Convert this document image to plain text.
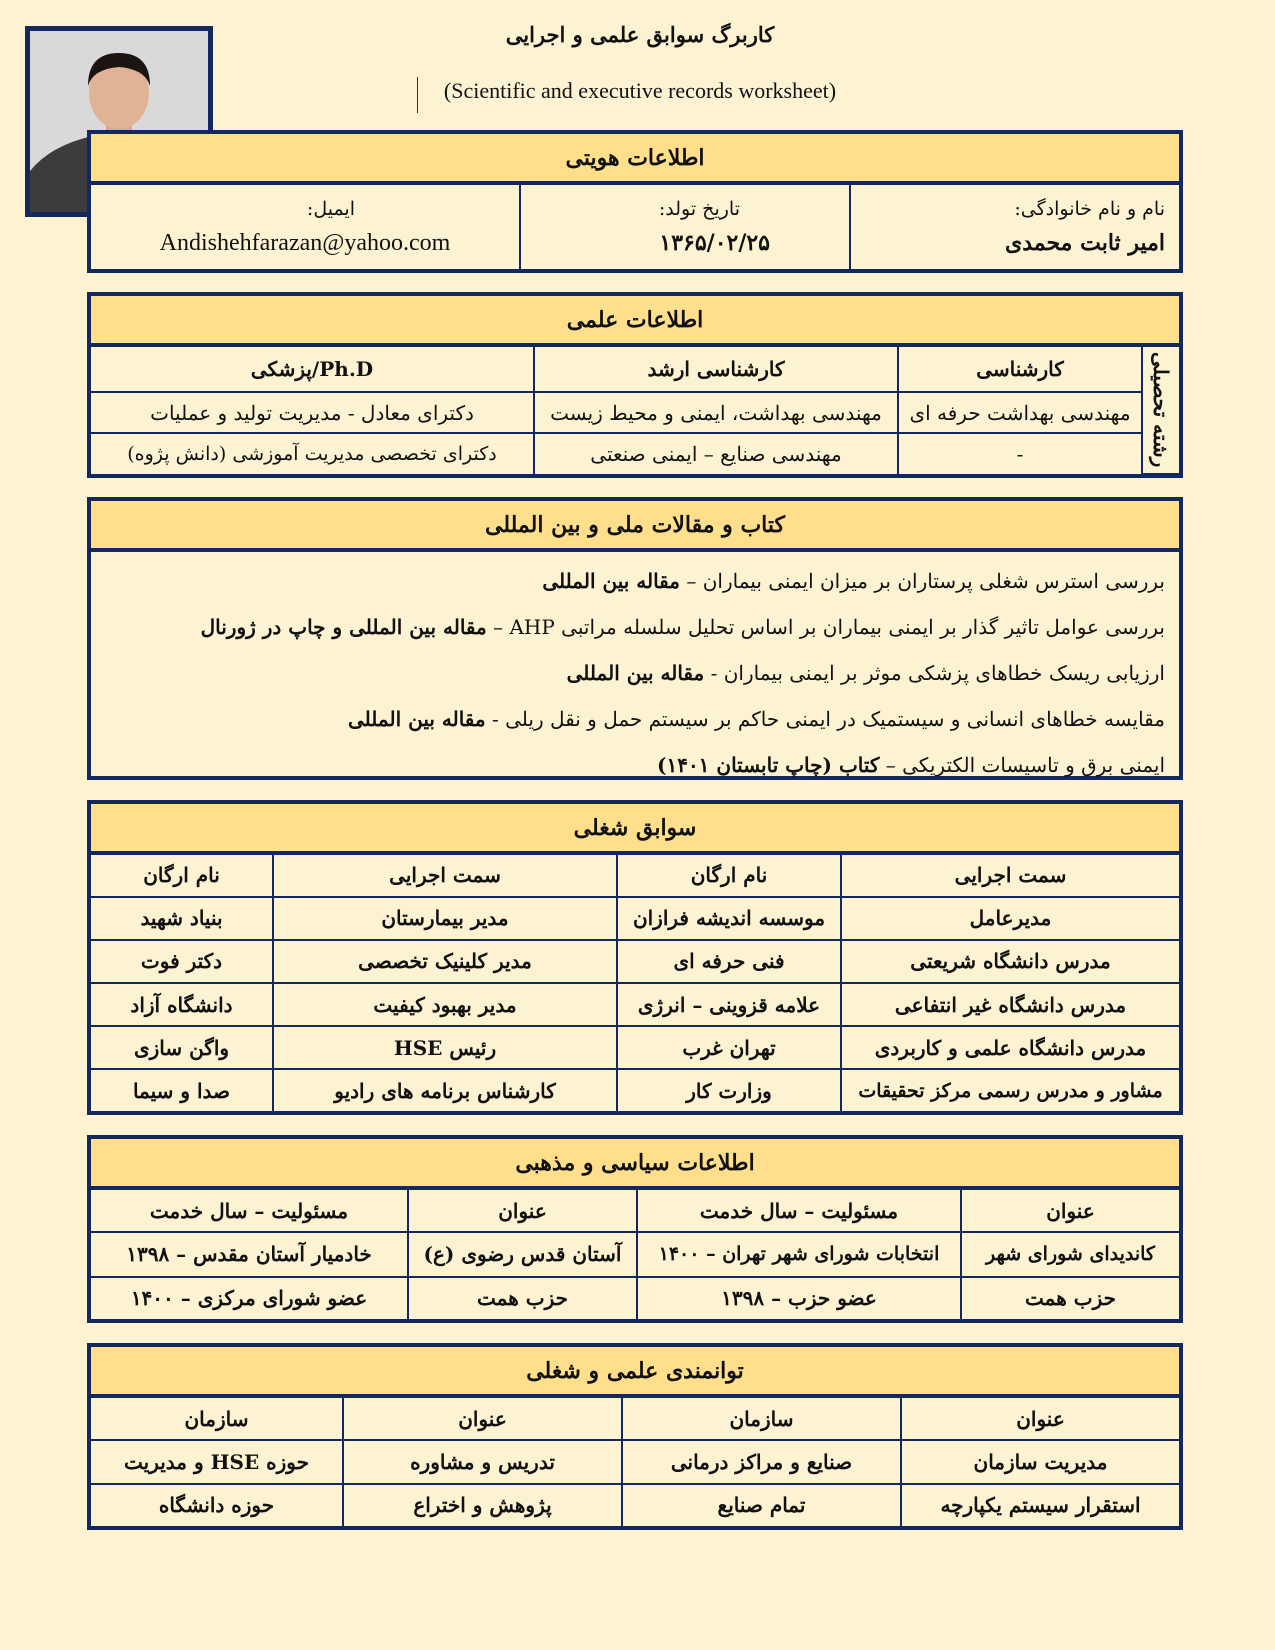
کاربرگ سوابق علمی و اجرایی
(Scientific and executive records worksheet)
اطلاعات هویتی
نام و نام خانوادگی:
امیر ثابت محمدی

تاریخ تولد:
۱۳۶۵/۰۲/۲۵

ایمیل:
Andishehfarazan@yahoo.com
اطلاعات علمی
رشته تحصیلی	کارشناسی	کارشناسی ارشد	Ph.D/پزشکی
	مهندسی بهداشت حرفه ای	مهندسی بهداشت، ایمنی و محیط زیست	دکترای معادل - مدیریت تولید و عملیات
	-	مهندسی صنایع – ایمنی صنعتی	دکترای تخصصی مدیریت آموزشی (دانش پژوه)
کتاب و مقالات ملی و بین المللی
بررسی استرس شغلی پرستاران بر میزان ایمنی بیماران – مقاله بین المللی
بررسی عوامل تاثیر گذار بر ایمنی بیماران بر اساس تحلیل سلسله مراتبی AHP – مقاله بین المللی و چاپ در ژورنال
ارزیابی ریسک خطاهای پزشکی موثر بر ایمنی بیماران - مقاله بین المللی
مقایسه خطاهای انسانی و سیستمیک در ایمنی حاکم بر سیستم حمل و نقل ریلی - مقاله بین المللی
ایمنی برق و تاسیسات الکتریکی – کتاب (چاپ تابستان ۱۴۰۱)
سوابق شغلی
سمت اجرایی	نام ارگان	سمت اجرایی	نام ارگان
مدیرعامل	موسسه اندیشه فرازان	مدیر بیمارستان	بنیاد شهید
مدرس دانشگاه شریعتی	فنی حرفه ای	مدیر کلینیک تخصصی	دکتر فوت
مدرس دانشگاه غیر انتفاعی	علامه قزوینی – انرژی	مدیر بهبود کیفیت	دانشگاه آزاد
مدرس دانشگاه علمی و کاربردی	تهران غرب	رئیس HSE	واگن سازی
مشاور و مدرس رسمی مرکز تحقیقات	وزارت کار	کارشناس برنامه های رادیو	صدا و سیما
اطلاعات سیاسی و مذهبی
عنوان	مسئولیت – سال خدمت	عنوان	مسئولیت – سال خدمت
کاندیدای شورای شهر	انتخابات شورای شهر تهران – ۱۴۰۰	آستان قدس رضوی (ع)	خادمیار آستان مقدس – ۱۳۹۸
حزب همت	عضو حزب – ۱۳۹۸	حزب همت	عضو شورای مرکزی – ۱۴۰۰
توانمندی علمی و شغلی
عنوان	سازمان	عنوان	سازمان
مدیریت سازمان	صنایع و مراکز درمانی	تدریس و مشاوره	حوزه HSE و مدیریت
استقرار سیستم یکپارچه	تمام صنایع	پژوهش و اختراع	حوزه دانشگاه
